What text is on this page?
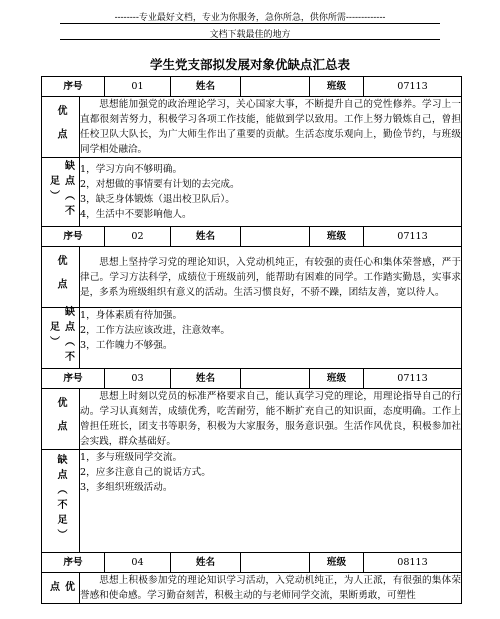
--------专业最好文档，专业为你服务，急你所急，供你所需-------------
文档下载最佳的地方
学生党支部拟发展对象优缺点汇总表
序号		01	姓名		班级	07113
优 点	思想能加强党的政治理论学习，关心国家大事，不断提升自己的党性修养。学习上一直都很刻苦努力，积极学习各项工作技能，能做到学以致用。工作上努力锻炼自己，曾担任校卫队大队长，为广大师生作出了重要的贡献。生活态度乐观向上，勤俭节约，与班级同学相处融洽。					
缺点（不足）	1，学习方向不够明确。
2，对想做的事情要有计划的去完成。
3，缺乏身体锻炼（退出校卫队后）。
4，生活中不要影响他人。					

序号		02	姓名		班级	07113
优 点	思想上坚持学习党的理论知识，入党动机纯正，有较强的责任心和集体荣誉感，严于律己。学习方法科学，成绩位于班级前列，能帮助有困难的同学。工作踏实勤恳，实事求是，多系为班级组织有意义的活动。生活习惯良好，不骄不躁，团结友善，宽以待人。					
缺点（不足）	1，身体素质有待加强。
2，工作方法应该改进，注意效率。
3，工作魄力不够强。					

序号		03	姓名		班级	07113
优 点	思想上时刻以党员的标准严格要求自己，能认真学习党的理论，用理论指导自己的行动。学习认真刻苦，成绩优秀，吃苦耐劳，能不断扩充自己的知识面，态度明确。工作上曾担任班长，团支书等职务，积极为大家服务，服务意识强。生活作风优良，积极参加社会实践，群众基础好。					
缺点（不足）	1，多与班级同学交流。
2，应多注意自己的说话方式。
3，多组织班级活动。					

序号		04	姓名		班级	08113
优 点	思想上积极参加党的理论知识学习活动，入党动机纯正，为人正派，有很强的集体荣誉感和使命感。学习勤奋刻苦，积极主动的与老师同学交流，果断勇敢，可塑性					
